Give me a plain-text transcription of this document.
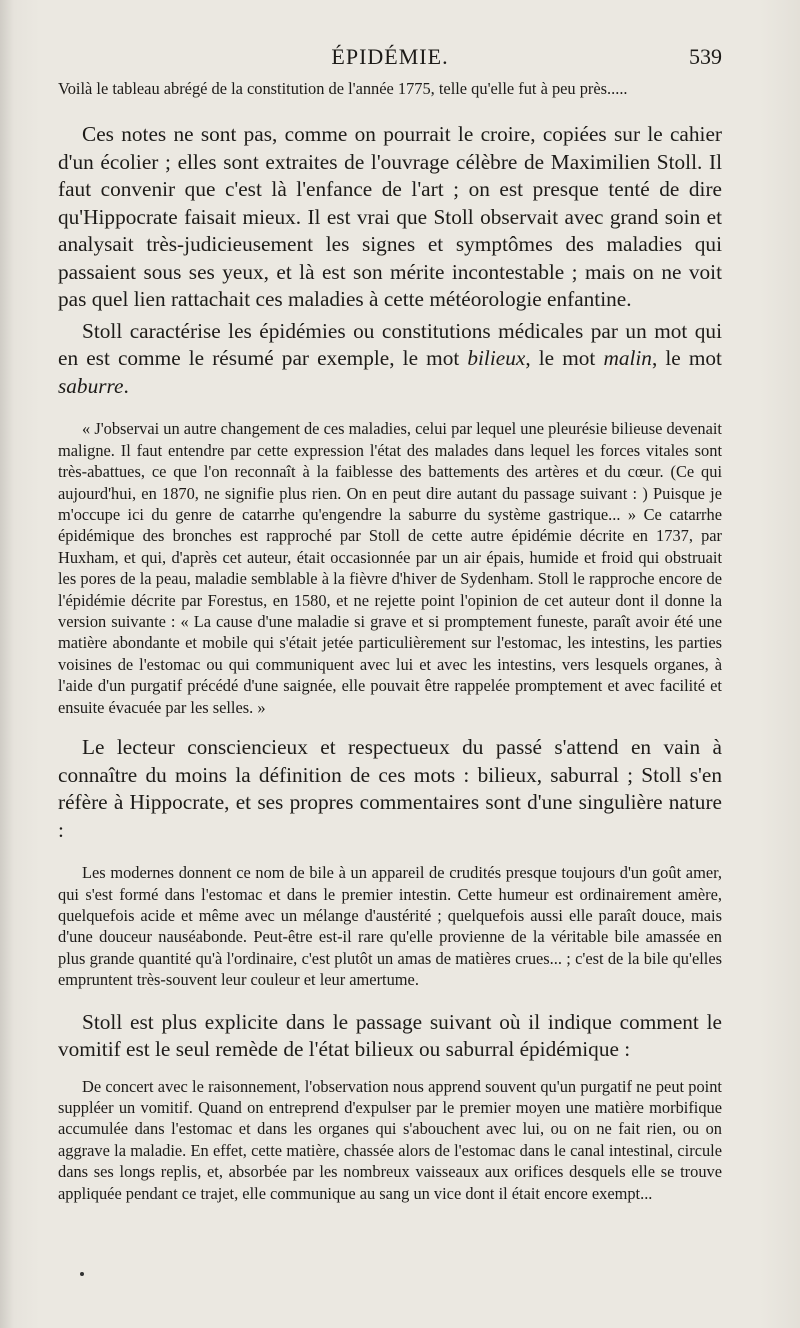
ÉPIDÉMIE.	539

Voilà le tableau abrégé de la constitution de l'année 1775, telle qu'elle fut à peu près.....

Ces notes ne sont pas, comme on pourrait le croire, copiées sur le cahier d'un écolier ; elles sont extraites de l'ouvrage célèbre de Maximilien Stoll. Il faut convenir que c'est là l'enfance de l'art ; on est presque tenté de dire qu'Hippocrate faisait mieux. Il est vrai que Stoll observait avec grand soin et analysait très-judicieusement les signes et symptômes des maladies qui passaient sous ses yeux, et là est son mérite incontestable ; mais on ne voit pas quel lien rattachait ces maladies à cette météorologie enfantine.

Stoll caractérise les épidémies ou constitutions médicales par un mot qui en est comme le résumé par exemple, le mot bilieux, le mot malin, le mot saburre.

« J'observai un autre changement de ces maladies, celui par lequel une pleurésie bilieuse devenait maligne. Il faut entendre par cette expression l'état des malades dans lequel les forces vitales sont très-abattues, ce que l'on reconnaît à la faiblesse des battements des artères et du cœur. (Ce qui aujourd'hui, en 1870, ne signifie plus rien. On en peut dire autant du passage suivant : ) Puisque je m'occupe ici du genre de catarrhe qu'engendre la saburre du système gastrique... » Ce catarrhe épidémique des bronches est rapproché par Stoll de cette autre épidémie décrite en 1737, par Huxham, et qui, d'après cet auteur, était occasionnée par un air épais, humide et froid qui obstruait les pores de la peau, maladie semblable à la fièvre d'hiver de Sydenham. Stoll le rapproche encore de l'épidémie décrite par Forestus, en 1580, et ne rejette point l'opinion de cet auteur dont il donne la version suivante : « La cause d'une maladie si grave et si promptement funeste, paraît avoir été une matière abondante et mobile qui s'était jetée particulièrement sur l'estomac, les intestins, les parties voisines de l'estomac ou qui communiquent avec lui et avec les intestins, vers lesquels organes, à l'aide d'un purgatif précédé d'une saignée, elle pouvait être rappelée promptement et avec facilité et ensuite évacuée par les selles. »

Le lecteur consciencieux et respectueux du passé s'attend en vain à connaître du moins la définition de ces mots : bilieux, saburral ; Stoll s'en réfère à Hippocrate, et ses propres commentaires sont d'une singulière nature :

Les modernes donnent ce nom de bile à un appareil de crudités presque toujours d'un goût amer, qui s'est formé dans l'estomac et dans le premier intestin. Cette humeur est ordinairement amère, quelquefois acide et même avec un mélange d'austérité ; quelquefois aussi elle paraît douce, mais d'une douceur nauséabonde. Peut-être est-il rare qu'elle provienne de la véritable bile amassée en plus grande quantité qu'à l'ordinaire, c'est plutôt un amas de matières crues... ; c'est de la bile qu'elles empruntent très-souvent leur couleur et leur amertume.

Stoll est plus explicite dans le passage suivant où il indique comment le vomitif est le seul remède de l'état bilieux ou saburral épidémique :

De concert avec le raisonnement, l'observation nous apprend souvent qu'un purgatif ne peut point suppléer un vomitif. Quand on entreprend d'expulser par le premier moyen une matière morbifique accumulée dans l'estomac et dans les organes qui s'abouchent avec lui, ou on ne fait rien, ou on aggrave la maladie. En effet, cette matière, chassée alors de l'estomac dans le canal intestinal, circule dans ses longs replis, et, absorbée par les nombreux vaisseaux aux orifices desquels elle se trouve appliquée pendant ce trajet, elle communique au sang un vice dont il était encore exempt...
